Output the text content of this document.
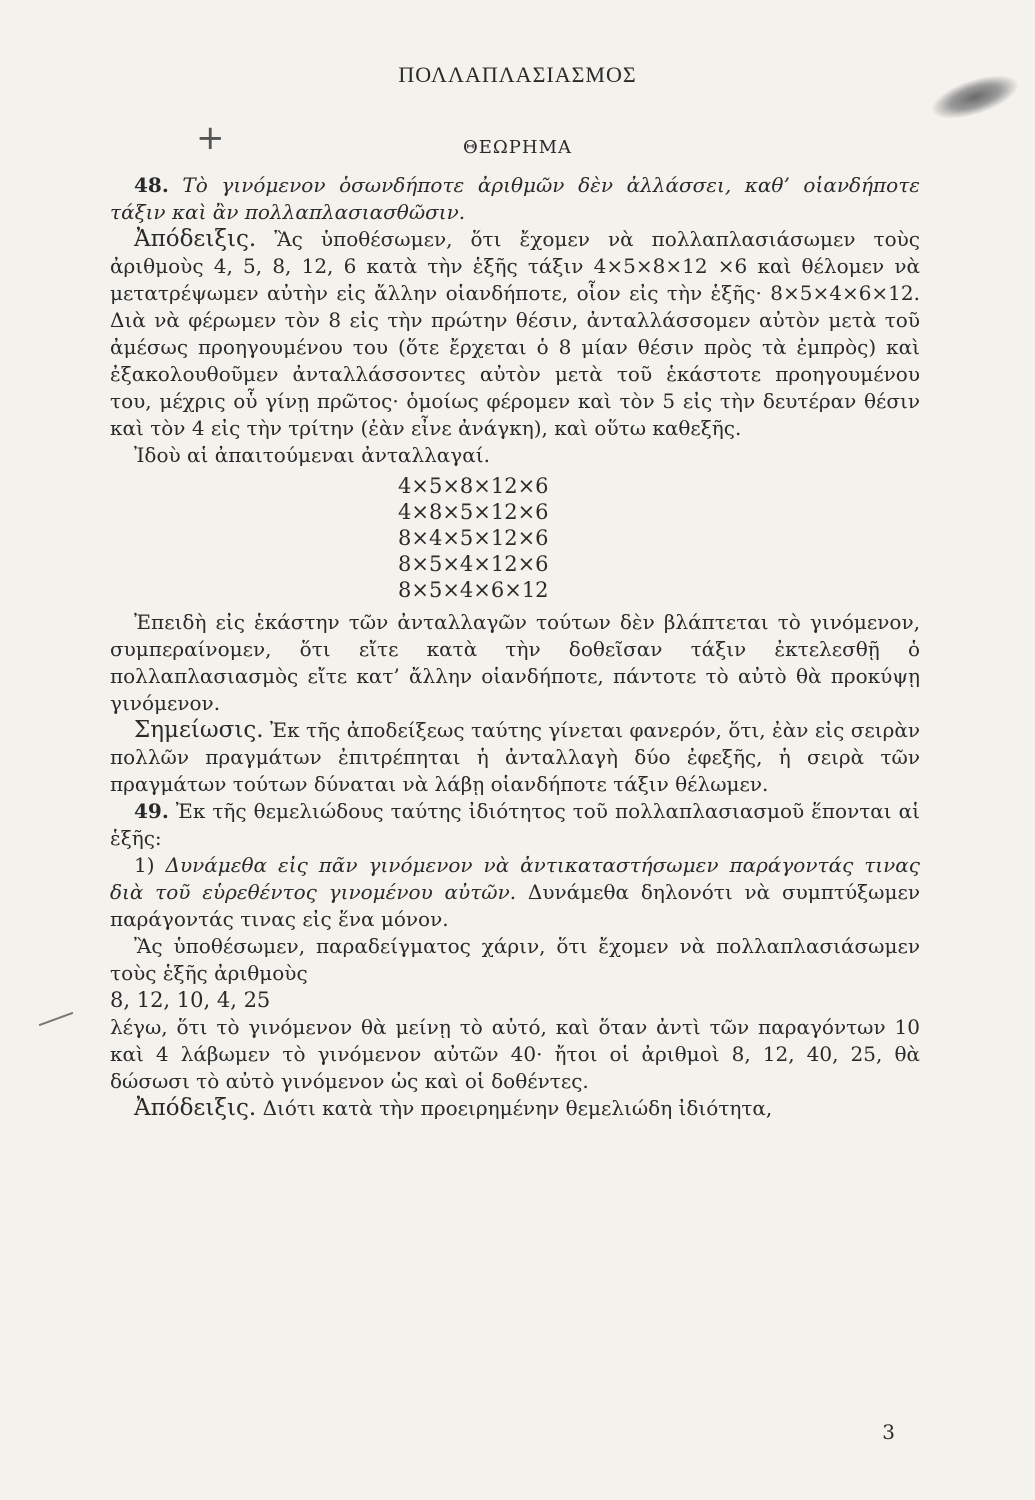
+
ΠΟΛΛΑΠΛΑΣΙΑΣΜΟΣ
ΘΕΩΡΗΜΑ

48. Τὸ γινόμενον ὁσωνδήποτε ἀριθμῶν δὲν ἀλλάσσει, καθ’ οἱανδήποτε τάξιν καὶ ἂν πολλαπλασιασθῶσιν.

Ἀπόδειξις. Ἂς ὑποθέσωμεν, ὅτι ἔχομεν νὰ πολλαπλασιάσωμεν τοὺς ἀριθμοὺς 4, 5, 8, 12, 6 κατὰ τὴν ἑξῆς τάξιν 4×5×8×12 ×6 καὶ θέλομεν νὰ μετατρέψωμεν αὐτὴν εἰς ἄλλην οἱανδήποτε, οἷον εἰς τὴν ἑξῆς· 8×5×4×6×12. Διὰ νὰ φέρωμεν τὸν 8 εἰς τὴν πρώτην θέσιν, ἀνταλλάσσομεν αὐτὸν μετὰ τοῦ ἀμέσως προηγουμένου του (ὅτε ἔρχεται ὁ 8 μίαν θέσιν πρὸς τὰ ἐμπρὸς) καὶ ἐξακολουθοῦμεν ἀνταλλάσσοντες αὐτὸν μετὰ τοῦ ἑκάστοτε προηγουμένου του, μέχρις οὗ γίνῃ πρῶτος· ὁμοίως φέρομεν καὶ τὸν 5 εἰς τὴν δευτέραν θέσιν καὶ τὸν 4 εἰς τὴν τρίτην (ἐὰν εἶνε ἀνάγκη), καὶ οὕτω καθεξῆς.

Ἰδοὺ αἱ ἀπαιτούμεναι ἀνταλλαγαί.

4×5×8×12×6
4×8×5×12×6
8×4×5×12×6
8×5×4×12×6
8×5×4×6×12

Ἐπειδὴ εἰς ἑκάστην τῶν ἀνταλλαγῶν τούτων δὲν βλάπτεται τὸ γινόμενον, συμπεραίνομεν, ὅτι εἴτε κατὰ τὴν δοθεῖσαν τάξιν ἐκτελεσθῇ ὁ πολλαπλασιασμὸς εἴτε κατ’ ἄλλην οἱανδήποτε, πάντοτε τὸ αὐτὸ θὰ προκύψῃ γινόμενον.

Σημείωσις. Ἐκ τῆς ἀποδείξεως ταύτης γίνεται φανερόν, ὅτι, ἐὰν εἰς σειρὰν πολλῶν πραγμάτων ἐπιτρέπηται ἡ ἀνταλλαγὴ δύο ἐφεξῆς, ἡ σειρὰ τῶν πραγμάτων τούτων δύναται νὰ λάβῃ οἱανδήποτε τάξιν θέλωμεν.

49. Ἐκ τῆς θεμελιώδους ταύτης ἰδιότητος τοῦ πολλαπλασιασμοῦ ἕπονται αἱ ἑξῆς:

1) Δυνάμεθα εἰς πᾶν γινόμενον νὰ ἀντικαταστήσωμεν παράγοντάς τινας διὰ τοῦ εὑρεθέντος γινομένου αὐτῶν. Δυνάμεθα δηλονότι νὰ συμπτύξωμεν παράγοντάς τινας εἰς ἕνα μόνον.

Ἂς ὑποθέσωμεν, παραδείγματος χάριν, ὅτι ἔχομεν νὰ πολλαπλασιάσωμεν τοὺς ἑξῆς ἀριθμοὺς

8, 12, 10, 4, 25

λέγω, ὅτι τὸ γινόμενον θὰ μείνῃ τὸ αὐτό, καὶ ὅταν ἀντὶ τῶν παραγόντων 10 καὶ 4 λάβωμεν τὸ γινόμενον αὐτῶν 40· ἤτοι οἱ ἀριθμοὶ 8, 12, 40, 25, θὰ δώσωσι τὸ αὐτὸ γινόμενον ὡς καὶ οἱ δοθέντες.

Ἀπόδειξις. Διότι κατὰ τὴν προειρημένην θεμελιώδη ἰδιότητα,

3
